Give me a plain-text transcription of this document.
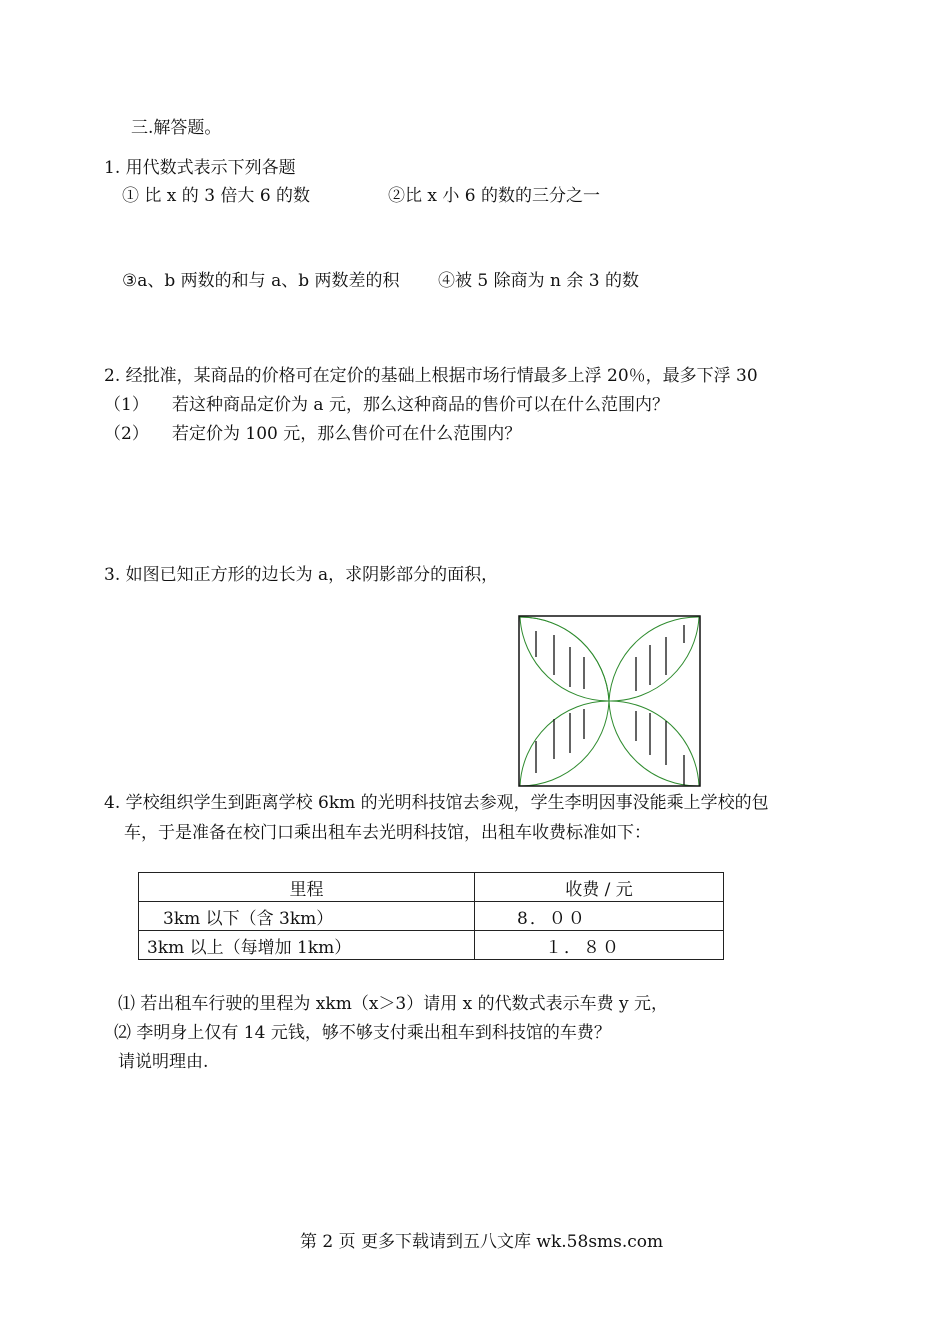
三.解答题。
1. 用代数式表示下列各题
① 比 x 的 3 倍大 6 的数	②比 x 小 6 的数的三分之一
③a、b 两数的和与 a、b 两数差的积 ④被 5 除商为 n 余 3 的数
2. 经批准，某商品的价格可在定价的基础上根据市场行情最多上浮 20％，最多下浮 30
（1） 若这种商品定价为 a 元，那么这种商品的售价可以在什么范围内？
（2） 若定价为 100 元，那么售价可在什么范围内？
3. 如图已知正方形的边长为 a，求阴影部分的面积，
4. 学校组织学生到距离学校 6km 的光明科技馆去参观，学生李明因事没能乘上学校的包
车，于是准备在校门口乘出租车去光明科技馆，出租车收费标准如下：
里程	收费 / 元
3km 以下（含 3km）	8．００
3km 以上（每增加 1km）	１．８０
⑴ 若出租车行驶的里程为 xkm（x＞3）请用 x 的代数式表示车费 y 元，
⑵ 李明身上仅有 14 元钱，够不够支付乘出租车到科技馆的车费？
请说明理由.
第 2 页 更多下载请到五八文库 wk.58sms.com
